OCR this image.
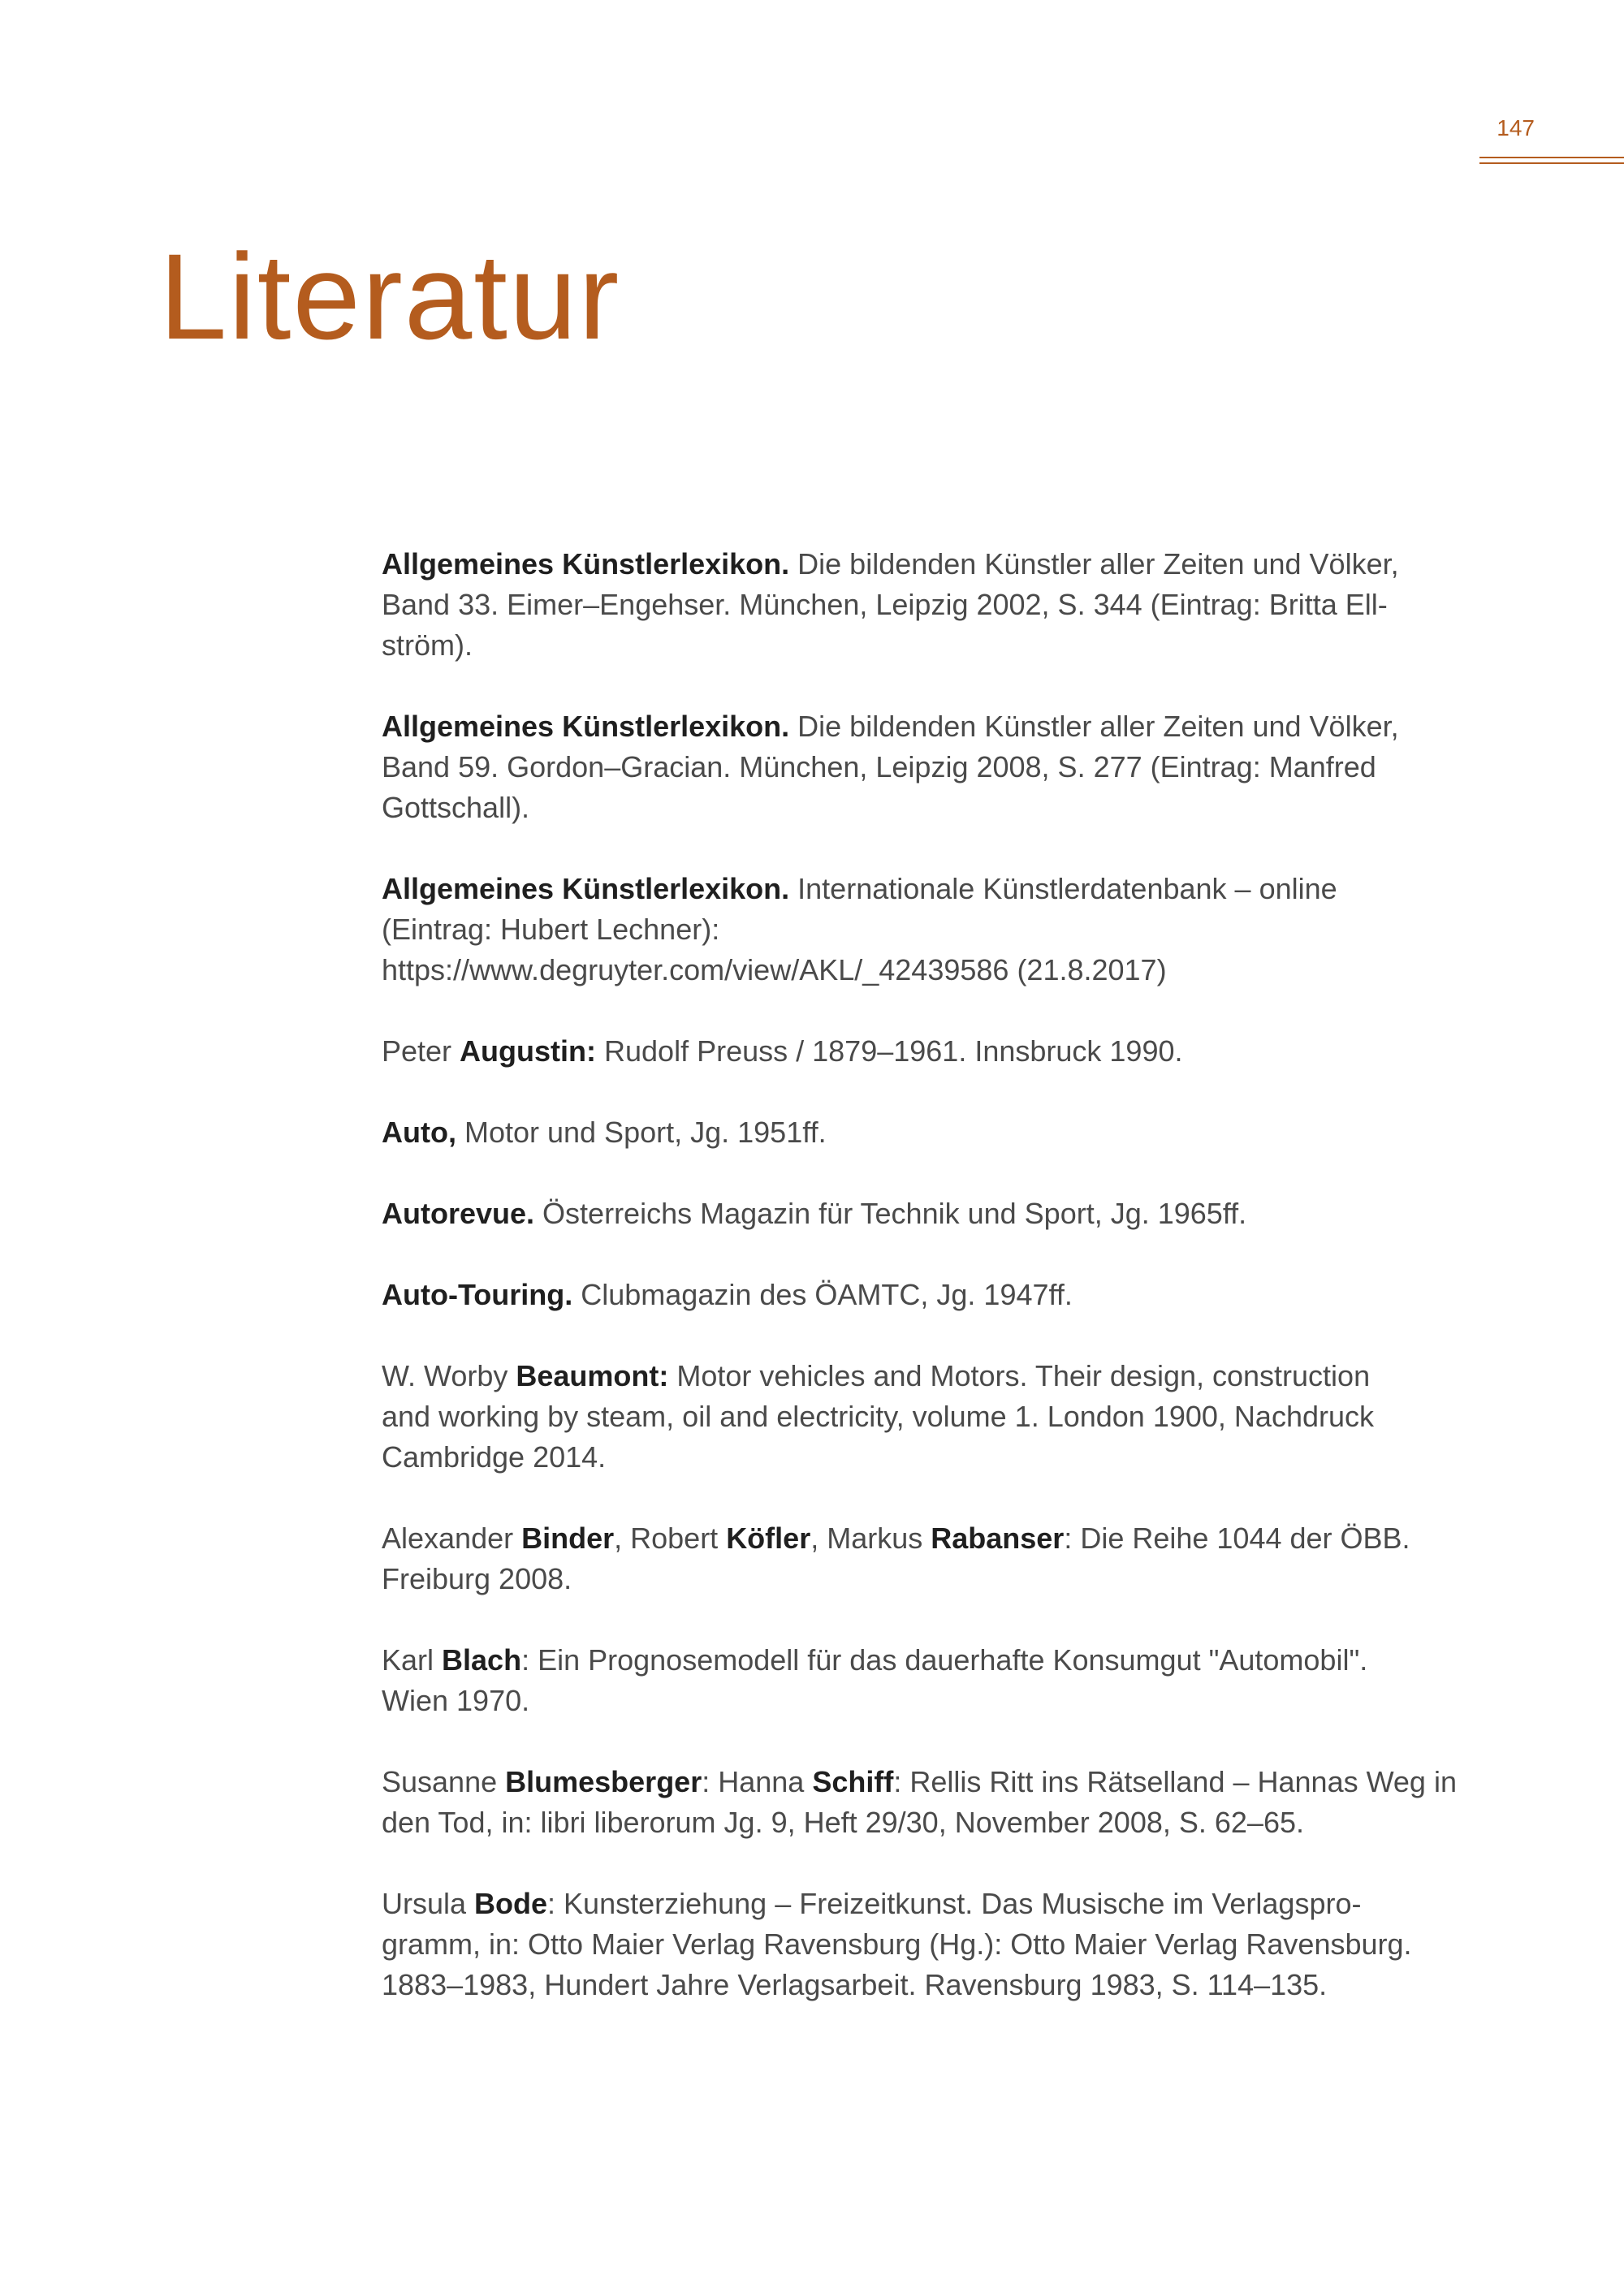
147
Literatur

Allgemeines Künstlerlexikon. Die bildenden Künstler aller Zeiten und Völker,
Band 33. Eimer–Engehser. München, Leipzig 2002, S. 344 (Eintrag: Britta Ell-
ström).

Allgemeines Künstlerlexikon. Die bildenden Künstler aller Zeiten und Völker,
Band 59. Gordon–Gracian. München, Leipzig 2008, S. 277 (Eintrag: Manfred
Gottschall).

Allgemeines Künstlerlexikon. Internationale Künstlerdatenbank – online
(Eintrag: Hubert Lechner):
https://www.degruyter.com/view/AKL/_42439586 (21.8.2017)

Peter Augustin: Rudolf Preuss / 1879–1961. Innsbruck 1990.

Auto, Motor und Sport, Jg. 1951ff.

Autorevue. Österreichs Magazin für Technik und Sport, Jg. 1965ff.

Auto-Touring. Clubmagazin des ÖAMTC, Jg. 1947ff.

W. Worby Beaumont: Motor vehicles and Motors. Their design, construction
and working by steam, oil and electricity, volume 1. London 1900, Nachdruck
Cambridge 2014.

Alexander Binder, Robert Köfler, Markus Rabanser: Die Reihe 1044 der ÖBB.
Freiburg 2008.

Karl Blach: Ein Prognosemodell für das dauerhafte Konsumgut "Automobil".
Wien 1970.

Susanne Blumesberger: Hanna Schiff: Rellis Ritt ins Rätselland – Hannas Weg in
den Tod, in: libri liberorum Jg. 9, Heft 29/30, November 2008, S. 62–65.

Ursula Bode: Kunsterziehung – Freizeitkunst. Das Musische im Verlagspro-
gramm, in: Otto Maier Verlag Ravensburg (Hg.): Otto Maier Verlag Ravensburg.
1883–1983, Hundert Jahre Verlagsarbeit. Ravensburg 1983, S. 114–135.
